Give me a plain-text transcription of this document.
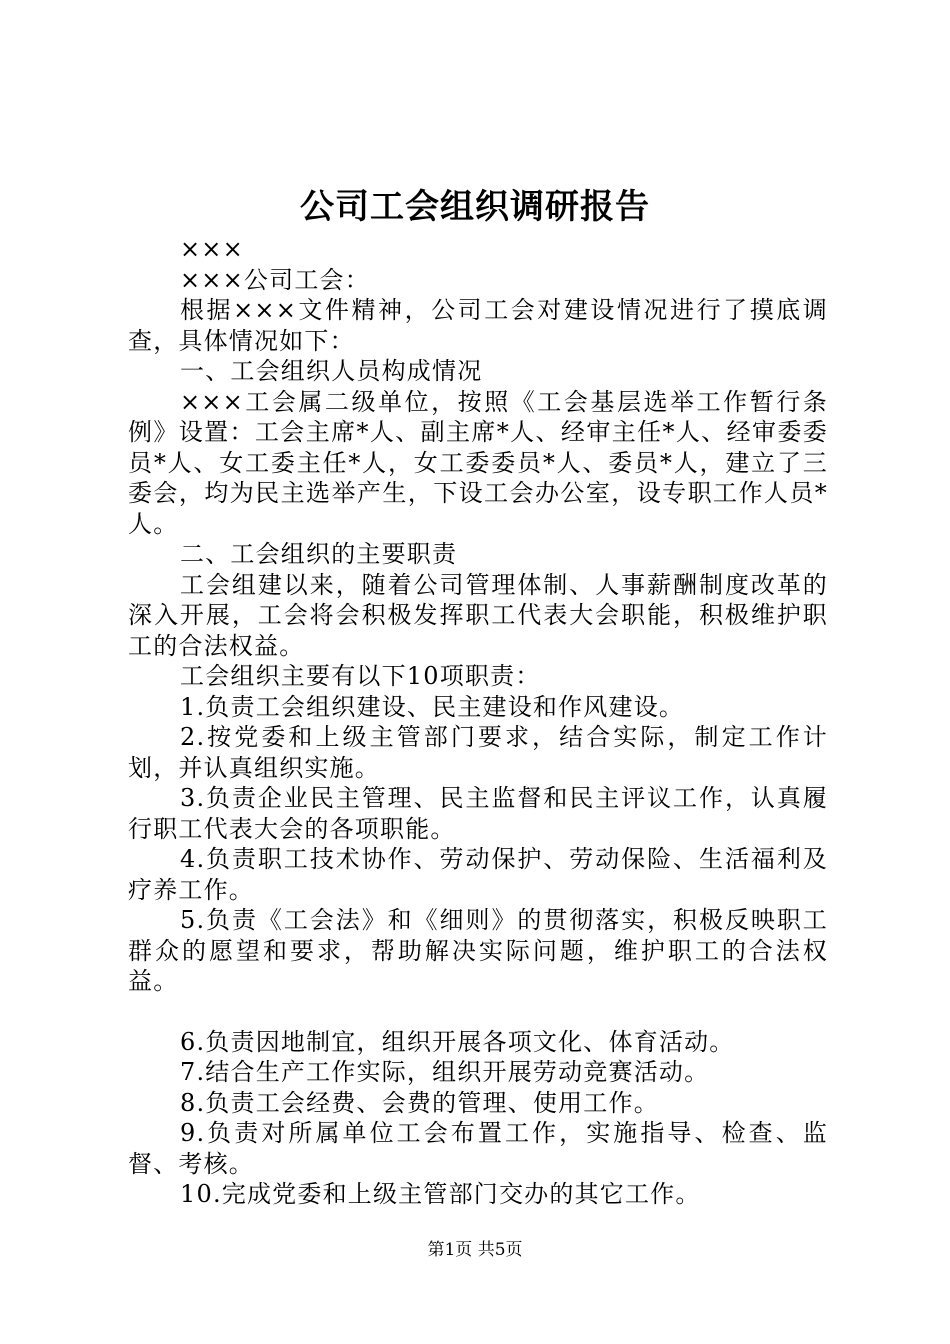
公司工会组织调研报告

×××

×××公司工会：

根据×××文件精神，公司工会对建设情况进行了摸底调查，具体情况如下：

一、工会组织人员构成情况

×××工会属二级单位，按照《工会基层选举工作暂行条例》设置：工会主席*人、副主席*人、经审主任*人、经审委委员*人、女工委主任*人，女工委委员*人、委员*人，建立了三委会，均为民主选举产生，下设工会办公室，设专职工作人员*人。

二、工会组织的主要职责

工会组建以来，随着公司管理体制、人事薪酬制度改革的深入开展，工会将会积极发挥职工代表大会职能，积极维护职工的合法权益。

工会组织主要有以下10项职责：

1.负责工会组织建设、民主建设和作风建设。

2.按党委和上级主管部门要求，结合实际，制定工作计划，并认真组织实施。

3.负责企业民主管理、民主监督和民主评议工作，认真履行职工代表大会的各项职能。

4.负责职工技术协作、劳动保护、劳动保险、生活福利及疗养工作。

5.负责《工会法》和《细则》的贯彻落实，积极反映职工群众的愿望和要求，帮助解决实际问题，维护职工的合法权益。

6.负责因地制宜，组织开展各项文化、体育活动。

7.结合生产工作实际，组织开展劳动竞赛活动。

8.负责工会经费、会费的管理、使用工作。

9.负责对所属单位工会布置工作，实施指导、检查、监督、考核。

10.完成党委和上级主管部门交办的其它工作。

第1页 共5页
